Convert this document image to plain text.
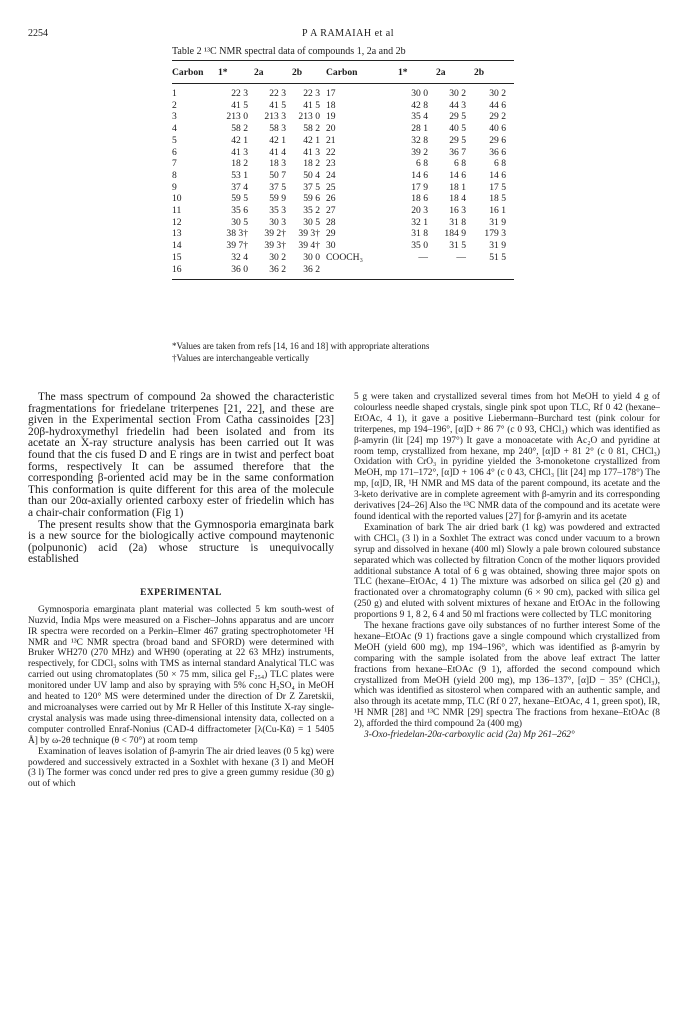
2254	P A RAMAIAH et al
Table 2 ¹³C NMR spectral data of compounds 1, 2a and 2b
Carbon	1*	2a	2b	Carbon	1*	2a	2b
1	22 3	22 3	22 3	17	30 0	30 2	30 2
2	41 5	41 5	41 5	18	42 8	44 3	44 6
3	213 0	213 3	213 0	19	35 4	29 5	29 2
4	58 2	58 3	58 2	20	28 1	40 5	40 6
5	42 1	42 1	42 1	21	32 8	29 5	29 6
6	41 3	41 4	41 3	22	39 2	36 7	36 6
7	18 2	18 3	18 2	23	6 8	6 8	6 8
8	53 1	50 7	50 4	24	14 6	14 6	14 6
9	37 4	37 5	37 5	25	17 9	18 1	17 5
10	59 5	59 9	59 6	26	18 6	18 4	18 5
11	35 6	35 3	35 2	27	20 3	16 3	16 1
12	30 5	30 3	30 5	28	32 1	31 8	31 9
13	38 3†	39 2†	39 3†	29	31 8	184 9	179 3
14	39 7†	39 3†	39 4†	30	35 0	31 5	31 9
15	32 4	30 2	30 0	COOCH₃	—	—	51 5
16	36 0	36 2	36 2				
*Values are taken from refs [14, 16 and 18] with appropriate alterations
†Values are interchangeable vertically

The mass spectrum of compound 2a showed the characteristic fragmentations for friedelane triterpenes [21, 22], and these are given in the Experimental section From Catha cassinoides [23] 20β-hydroxymethyl friedelin had been isolated and from its acetate an X-ray structure analysis has been carried out It was found that the cis fused D and E rings are in twist and perfect boat forms, respectively It can be assumed therefore that the corresponding β-oriented acid may be in the same conformation This conformation is quite different for this area of the molecule than our 20α-axially oriented carboxy ester of friedelin which has a chair-chair conformation (Fig 1)

The present results show that the Gymnosporia emarginata bark is a new source for the biologically active compound maytenonic (polpunonic) acid (2a) whose structure is unequivocally established

EXPERIMENTAL

Gymnosporia emarginata plant material was collected 5 km south-west of Nuzvid, India Mps were measured on a Fischer–Johns apparatus and are uncorr IR spectra were recorded on a Perkin–Elmer 467 grating spectrophotometer ¹H NMR and ¹³C NMR spectra (broad band and SFORD) were determined with Bruker WH270 (270 MHz) and WH90 (operating at 22 63 MHz) instruments, respectively, for CDCl₃ solns with TMS as internal standard Analytical TLC was carried out using chromatoplates (50 × 75 mm, silica gel F₂₅₄) TLC plates were monitored under UV lamp and also by spraying with 5% conc H₂SO₄ in MeOH and heated to 120° MS were determined under the direction of Dr Z Zaretskii, and microanalyses were carried out by Mr R Heller of this Institute X-ray single-crystal analysis was made using three-dimensional intensity data, collected on a computer controlled Enraf-Nonius (CAD-4 diffractometer [λ(Cu-Kᾱ) = 1 5405 Å] by ω-2θ technique (θ < 70°) at room temp

Examination of leaves isolation of β-amyrin The air dried leaves (0 5 kg) were powdered and successively extracted in a Soxhlet with hexane (3 l) and MeOH (3 l) The former was concd under red pres to give a green gummy residue (30 g) out of which

5 g were taken and crystallized several times from hot MeOH to yield 4 g of colourless needle shaped crystals, single pink spot upon TLC, Rf 0 42 (hexane–EtOAc, 4 1), it gave a positive Liebermann–Burchard test (pink colour for triterpenes, mp 194–196°, [α]D + 86 7° (c 0 93, CHCl₃) which was identified as β-amyrin (lit [24] mp 197°) It gave a monoacetate with Ac₂O and pyridine at room temp, crystallized from hexane, mp 240°, [α]D + 81 2° (c 0 81, CHCl₃) Oxidation with CrO₃ in pyridine yielded the 3-monoketone crystallized from MeOH, mp 171–172°, [α]D + 106 4° (c 0 43, CHCl₃ [lit [24] mp 177–178°) The mp, [α]D, IR, ¹H NMR and MS data of the parent compound, its acetate and the 3-keto derivative are in complete agreement with β-amyrin and its corresponding derivatives [24–26] Also the ¹³C NMR data of the compound and its acetate were found identical with the reported values [27] for β-amyrin and its acetate

Examination of bark The air dried bark (1 kg) was powdered and extracted with CHCl₃ (3 l) in a Soxhlet The extract was concd under vacuum to a brown syrup and dissolved in hexane (400 ml) Slowly a pale brown coloured substance separated which was collected by filtration Concn of the mother liquors provided additional substance A total of 6 g was obtained, showing three major spots on TLC (hexane–EtOAc, 4 1) The mixture was adsorbed on silica gel (20 g) and fractionated over a chromatography column (6 × 90 cm), packed with silica gel (250 g) and eluted with solvent mixtures of hexane and EtOAc in the following proportions 9 1, 8 2, 6 4 and 50 ml fractions were collected by TLC monitoring

The hexane fractions gave oily substances of no further interest Some of the hexane–EtOAc (9 1) fractions gave a single compound which crystallized from MeOH (yield 600 mg), mp 194–196°, which was identified as β-amyrin by comparing with the sample isolated from the above leaf extract The latter fractions from hexane–EtOAc (9 1), afforded the second compound which crystallized from MeOH (yield 200 mg), mp 136–137°, [α]D − 35° (CHCl₃), which was identified as sitosterol when compared with an authentic sample, and also through its acetate mmp, TLC (Rf 0 27, hexane–EtOAc, 4 1, green spot), IR, ¹H NMR [28] and ¹³C NMR [29] spectra The fractions from hexane–EtOAc (8 2), afforded the third compound 2a (400 mg)

3-Oxo-friedelan-20α-carboxylic acid (2a) Mp 261–262°
